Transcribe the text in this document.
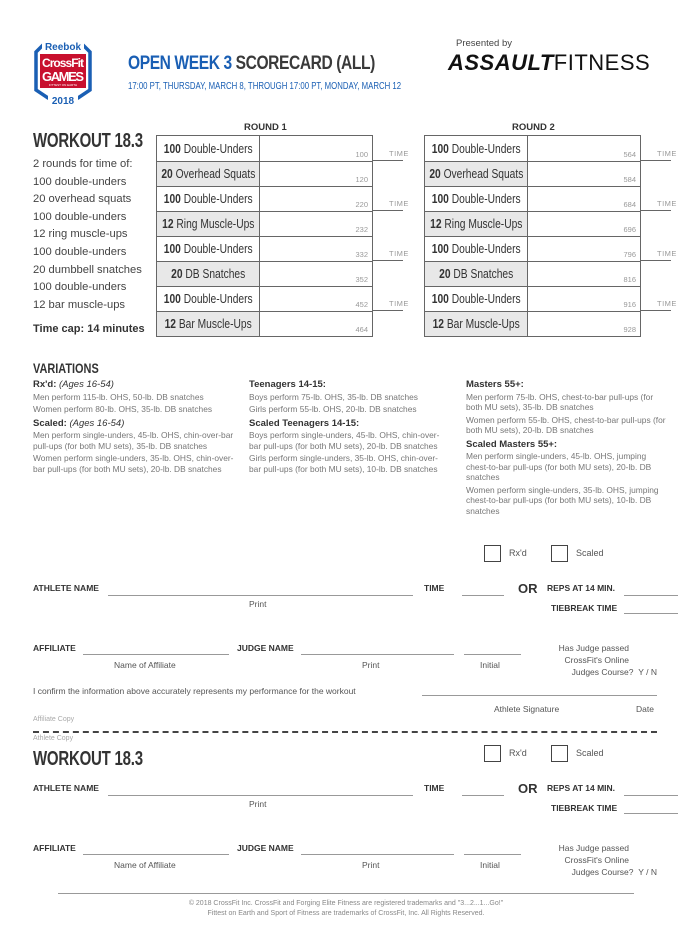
Reebok
CrossFit
GAMES
FITTEST ON EARTH
2018
OPEN WEEK 3 SCORECARD (ALL)
17:00 PT, THURSDAY, MARCH 8, THROUGH 17:00 PT, MONDAY, MARCH 12
Presented by
ASSAULTFITNESS
WORKOUT 18.3
2 rounds for time of:
100 double-unders
20 overhead squats
100 double-unders
12 ring muscle-ups
100 double-unders
20 dumbbell snatches
100 double-unders
12 bar muscle-ups
Time cap: 14 minutes
ROUND 1
100 Double-Unders	100
20 Overhead Squats	120
100 Double-Unders	220
12 Ring Muscle-Ups	232
100 Double-Unders	332
20 DB Snatches	352
100 Double-Unders	452
12 Bar Muscle-Ups	464
TIME
TIME
TIME
TIME
ROUND 2
100 Double-Unders	564
20 Overhead Squats	584
100 Double-Unders	684
12 Ring Muscle-Ups	696
100 Double-Unders	796
20 DB Snatches	816
100 Double-Unders	916
12 Bar Muscle-Ups	928
TIME
TIME
TIME
TIME
VARIATIONS
Rx'd: (Ages 16-54)

Men perform 115-lb. OHS, 50-lb. DB snatches

Women perform 80-lb. OHS, 35-lb. DB snatches

Scaled: (Ages 16-54)

Men perform single-unders, 45-lb. OHS, chin-over-bar pull-ups (for both MU sets), 35-lb. DB snatches

Women perform single-unders, 35-lb. OHS, chin-over-bar pull-ups (for both MU sets), 20-lb. DB snatches

Teenagers 14-15:

Boys perform 75-lb. OHS, 35-lb. DB snatches

Girls perform 55-lb. OHS, 20-lb. DB snatches

Scaled Teenagers 14-15:

Boys perform single-unders, 45-lb. OHS, chin-over-bar pull-ups (for both MU sets), 20-lb. DB snatches

Girls perform single-unders, 35-lb. OHS, chin-over-bar pull-ups (for both MU sets), 10-lb. DB snatches

Masters 55+:

Men perform 75-lb. OHS, chest-to-bar pull-ups (for both MU sets), 35-lb. DB snatches

Women perform 55-lb. OHS, chest-to-bar pull-ups (for both MU sets), 20-lb. DB snatches

Scaled Masters 55+:

Men perform single-unders, 45-lb. OHS, jumping chest-to-bar pull-ups (for both MU sets), 20-lb. DB snatches

Women perform single-unders, 35-lb. OHS, jumping chest-to-bar pull-ups (for both MU sets), 10-lb. DB snatches

Rx'd	Scaled
ATHLETE NAME
Print
TIME	OR REPS AT 14 MIN.
TIEBREAK TIME
AFFILIATE
Name of Affiliate
JUDGE NAME
Print	Initial
Has Judge passed
CrossFit's Online
Judges Course? Y / N
I confirm the information above accurately represents my performance for the workout
Athlete Signature	Date
Affiliate Copy
Athlete Copy
WORKOUT 18.3	Rx'd	Scaled
ATHLETE NAME
Print
TIME	OR REPS AT 14 MIN.
TIEBREAK TIME
AFFILIATE
Name of Affiliate
JUDGE NAME
Print	Initial
Has Judge passed
CrossFit's Online
Judges Course? Y / N
© 2018 CrossFit Inc. CrossFit and Forging Elite Fitness are registered trademarks and "3...2...1...Go!"
Fittest on Earth and Sport of Fitness are trademarks of CrossFit, Inc. All Rights Reserved.
